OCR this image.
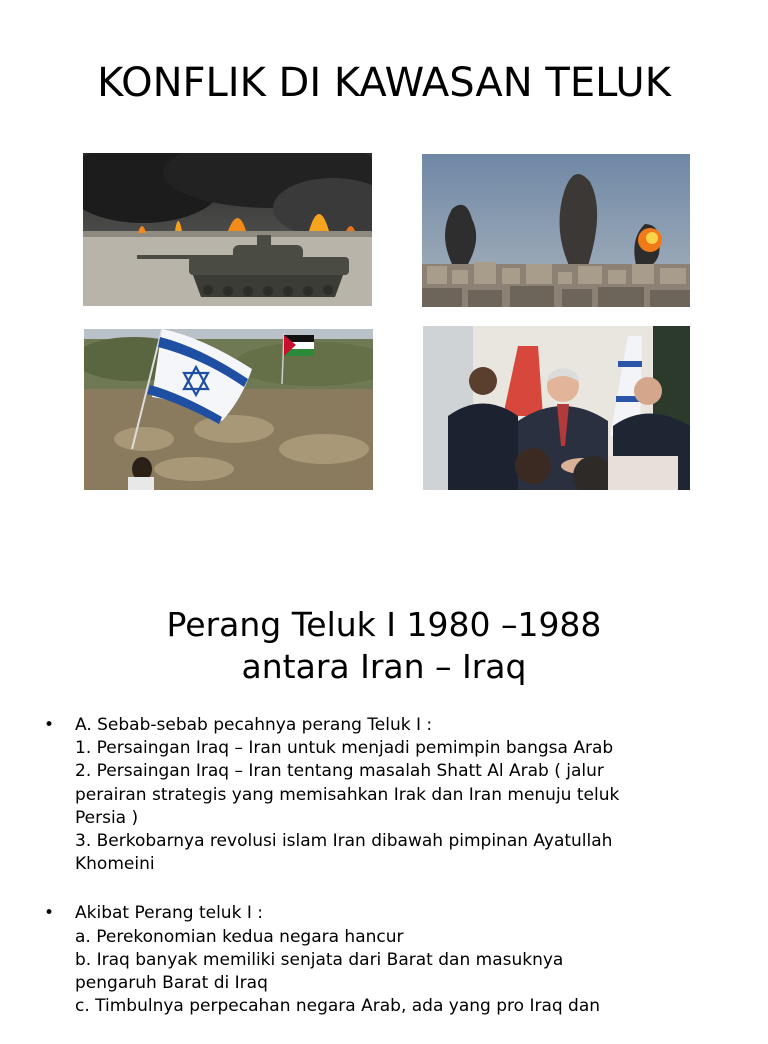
KONFLIK DI KAWASAN TELUK
Perang Teluk I 1980 –1988
antara Iran – Iraq
• A. Sebab-sebab pecahnya perang Teluk I :
1. Persaingan Iraq – Iran untuk menjadi pemimpin bangsa Arab
2. Persaingan Iraq – Iran tentang masalah Shatt Al Arab ( jalur
perairan strategis yang memisahkan Irak dan Iran menuju teluk
Persia )
3. Berkobarnya revolusi islam Iran dibawah pimpinan Ayatullah
Khomeini
• Akibat Perang teluk I :
a. Perekonomian kedua negara hancur
b. Iraq banyak memiliki senjata dari Barat dan masuknya
pengaruh Barat di Iraq
c. Timbulnya perpecahan negara Arab, ada yang pro Iraq dan
